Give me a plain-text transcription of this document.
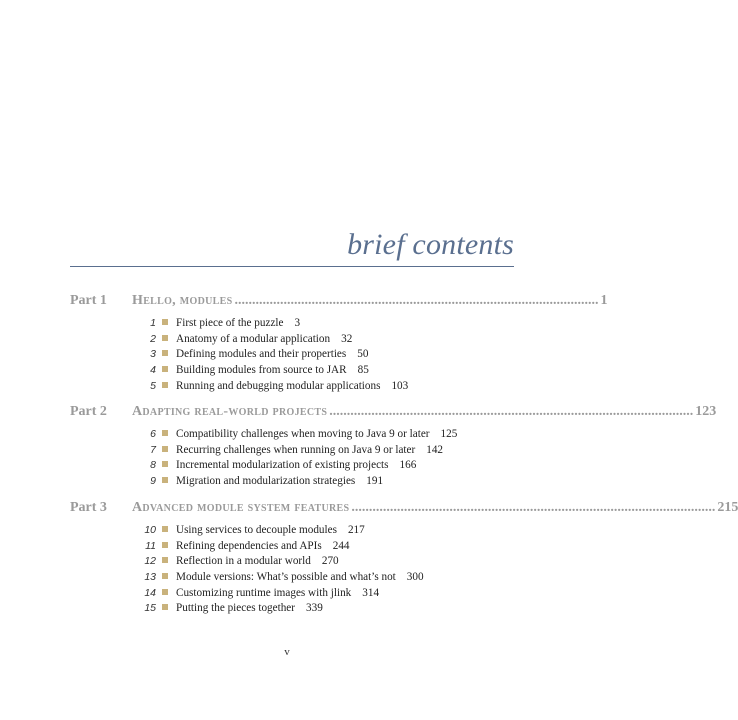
brief contents
Part 1	Hello, modules ........................................................................................................ 1
1 First piece of the puzzle 3
2 Anatomy of a modular application 32
3 Defining modules and their properties 50
4 Building modules from source to JAR 85
5 Running and debugging modular applications 103
Part 2	Adapting real-world projects ........................................................................................................ 123
6 Compatibility challenges when moving to Java 9 or later 125
7 Recurring challenges when running on Java 9 or later 142
8 Incremental modularization of existing projects 166
9 Migration and modularization strategies 191
Part 3	Advanced module system features ........................................................................................................ 215
10 Using services to decouple modules 217
11 Refining dependencies and APIs 244
12 Reflection in a modular world 270
13 Module versions: What’s possible and what’s not 300
14 Customizing runtime images with jlink 314
15 Putting the pieces together 339
v
